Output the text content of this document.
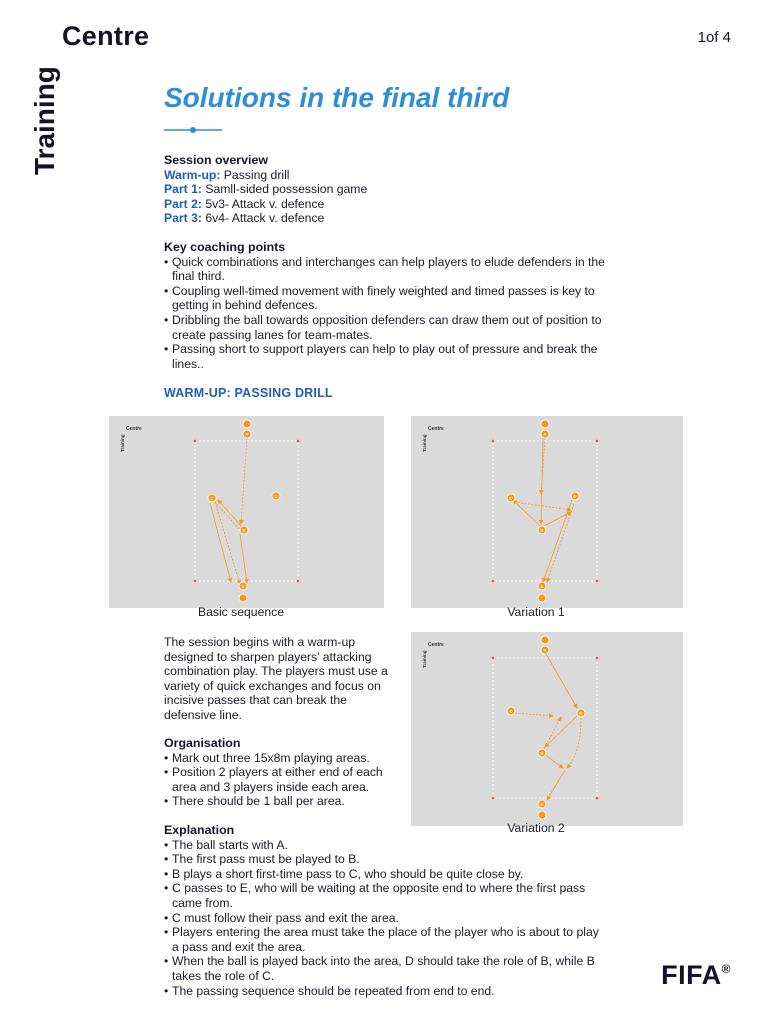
Training
Centre	1of 4
Solutions in the final third
Session overview
Warm-up: Passing drill
Part 1: Samll-sided possession game
Part 2: 5v3- Attack v. defence
Part 3: 6v4- Attack v. defence
Key coaching points
• Quick combinations and interchanges can help players to elude defenders in the final third.
• Coupling well-timed movement with finely weighted and timed passes is key to getting in behind defences.
• Dribbling the ball towards opposition defenders can draw them out of position to create passing lanes for team-mates.
• Passing short to support players can help to play out of pressure and break the lines..
WARM-UP: PASSING DRILL
Training
Centre
A
B
C	D
E
Basic sequence
Training
Centre
A
B
C	D
E
Variation 1
The session begins with a warm-up designed to sharpen players’ attacking combination play. The players must use a variety of quick exchanges and focus on incisive passes that can break the defensive line.
Training
Centre
A
B
C	D
E
Variation 2
Organisation
• Mark out three 15x8m playing areas.
• Position 2 players at either end of each area and 3 players inside each area.
• There should be 1 ball per area.
Explanation
• The ball starts with A.
• The first pass must be played to B.
• B plays a short first-time pass to C, who should be quite close by.
• C passes to E, who will be waiting at the opposite end to where the first pass came from.
• C must follow their pass and exit the area.
• Players entering the area must take the place of the player who is about to play a pass and exit the area.
• When the ball is played back into the area, D should take the role of B, while B takes the role of C.
• The passing sequence should be repeated from end to end.
FIFA®
